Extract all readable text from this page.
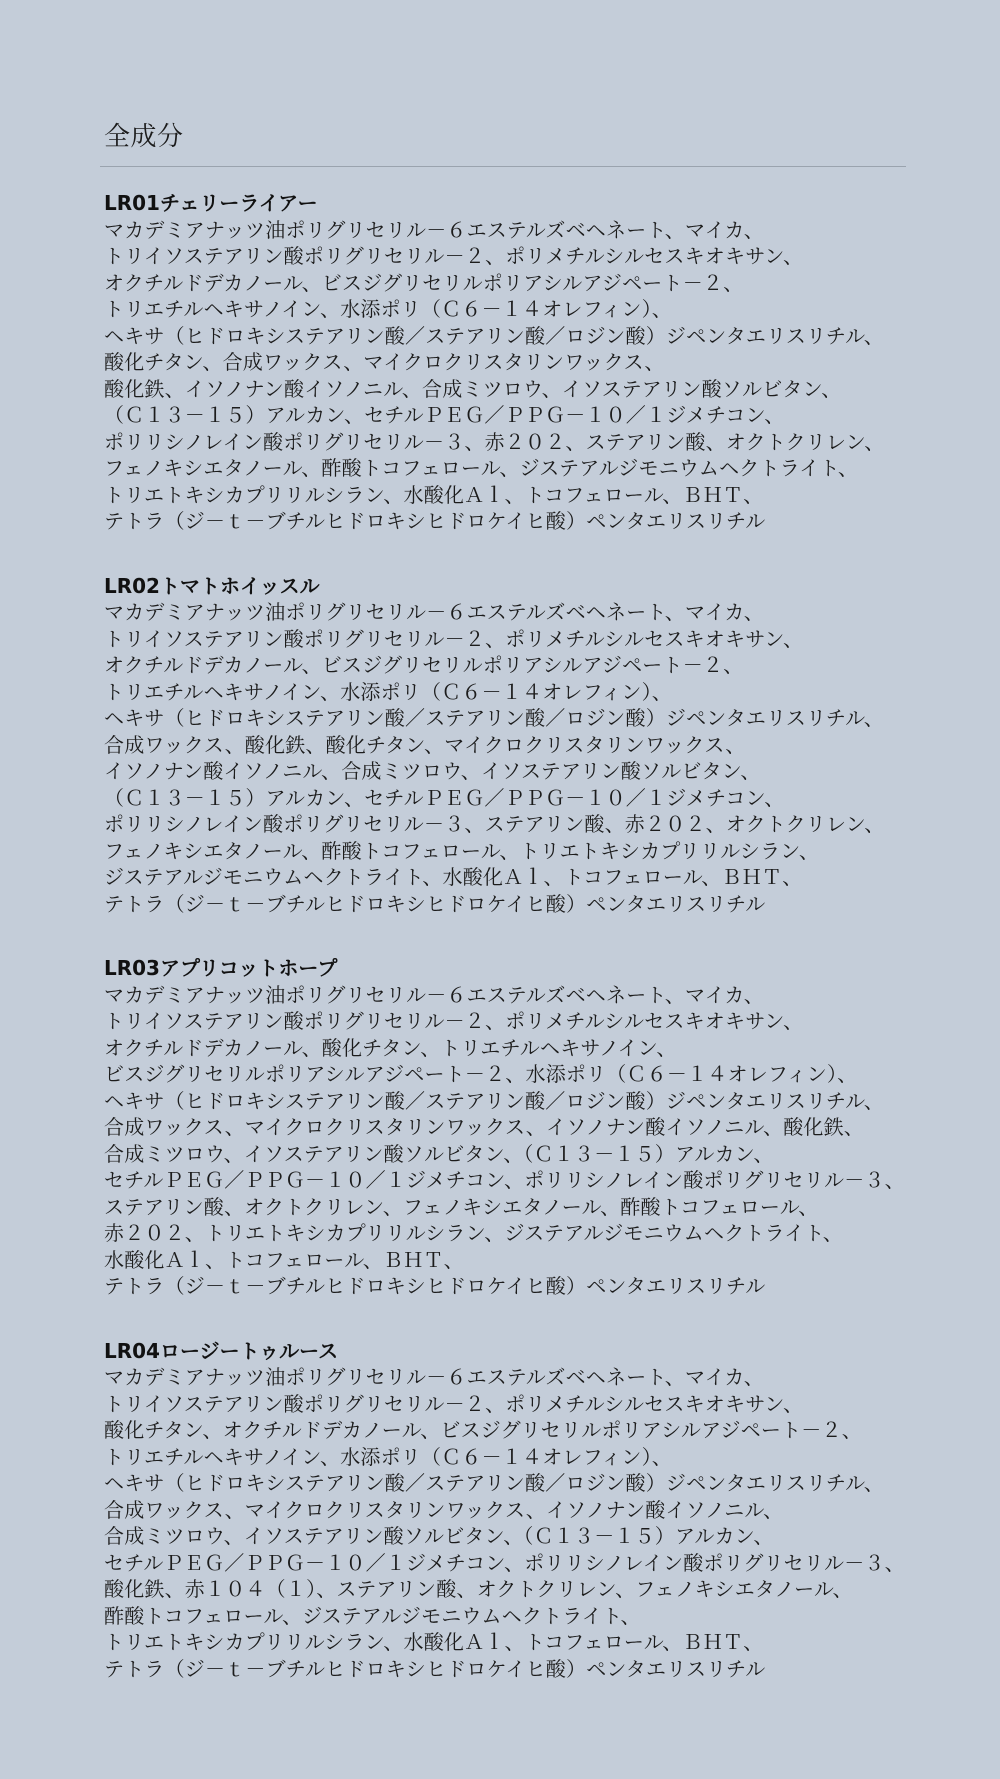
全成分

LR01チェリーライアー

マカデミアナッツ油ポリグリセリル－６エステルズベヘネート、マイカ、

トリイソステアリン酸ポリグリセリル－２、ポリメチルシルセスキオキサン、

オクチルドデカノール、ビスジグリセリルポリアシルアジペート－２、

トリエチルヘキサノイン、水添ポリ（Ｃ６－１４オレフィン）、

ヘキサ（ヒドロキシステアリン酸／ステアリン酸／ロジン酸）ジペンタエリスリチル、

酸化チタン、合成ワックス、マイクロクリスタリンワックス、

酸化鉄、イソノナン酸イソノニル、合成ミツロウ、イソステアリン酸ソルビタン、

（Ｃ１３－１５）アルカン、セチルＰＥＧ／ＰＰＧ－１０／１ジメチコン、

ポリリシノレイン酸ポリグリセリル－３、赤２０２、ステアリン酸、オクトクリレン、

フェノキシエタノール、酢酸トコフェロール、ジステアルジモニウムヘクトライト、

トリエトキシカプリリルシラン、水酸化Ａｌ、トコフェロール、ＢＨＴ、

テトラ（ジ－ｔ－ブチルヒドロキシヒドロケイヒ酸）ペンタエリスリチル

LR02トマトホイッスル

マカデミアナッツ油ポリグリセリル－６エステルズベヘネート、マイカ、

トリイソステアリン酸ポリグリセリル－２、ポリメチルシルセスキオキサン、

オクチルドデカノール、ビスジグリセリルポリアシルアジペート－２、

トリエチルヘキサノイン、水添ポリ（Ｃ６－１４オレフィン）、

ヘキサ（ヒドロキシステアリン酸／ステアリン酸／ロジン酸）ジペンタエリスリチル、

合成ワックス、酸化鉄、酸化チタン、マイクロクリスタリンワックス、

イソノナン酸イソノニル、合成ミツロウ、イソステアリン酸ソルビタン、

（Ｃ１３－１５）アルカン、セチルＰＥＧ／ＰＰＧ－１０／１ジメチコン、

ポリリシノレイン酸ポリグリセリル－３、ステアリン酸、赤２０２、オクトクリレン、

フェノキシエタノール、酢酸トコフェロール、トリエトキシカプリリルシラン、

ジステアルジモニウムヘクトライト、水酸化Ａｌ、トコフェロール、ＢＨＴ、

テトラ（ジ－ｔ－ブチルヒドロキシヒドロケイヒ酸）ペンタエリスリチル

LR03アプリコットホープ

マカデミアナッツ油ポリグリセリル－６エステルズベヘネート、マイカ、

トリイソステアリン酸ポリグリセリル－２、ポリメチルシルセスキオキサン、

オクチルドデカノール、酸化チタン、トリエチルヘキサノイン、

ビスジグリセリルポリアシルアジペート－２、水添ポリ（Ｃ６－１４オレフィン）、

ヘキサ（ヒドロキシステアリン酸／ステアリン酸／ロジン酸）ジペンタエリスリチル、

合成ワックス、マイクロクリスタリンワックス、イソノナン酸イソノニル、酸化鉄、

合成ミツロウ、イソステアリン酸ソルビタン、（Ｃ１３－１５）アルカン、

セチルＰＥＧ／ＰＰＧ－１０／１ジメチコン、ポリリシノレイン酸ポリグリセリル－３、

ステアリン酸、オクトクリレン、フェノキシエタノール、酢酸トコフェロール、

赤２０２、トリエトキシカプリリルシラン、ジステアルジモニウムヘクトライト、

水酸化Ａｌ、トコフェロール、ＢＨＴ、

テトラ（ジ－ｔ－ブチルヒドロキシヒドロケイヒ酸）ペンタエリスリチル

LR04ロージートゥルース

マカデミアナッツ油ポリグリセリル－６エステルズベヘネート、マイカ、

トリイソステアリン酸ポリグリセリル－２、ポリメチルシルセスキオキサン、

酸化チタン、オクチルドデカノール、ビスジグリセリルポリアシルアジペート－２、

トリエチルヘキサノイン、水添ポリ（Ｃ６－１４オレフィン）、

ヘキサ（ヒドロキシステアリン酸／ステアリン酸／ロジン酸）ジペンタエリスリチル、

合成ワックス、マイクロクリスタリンワックス、イソノナン酸イソノニル、

合成ミツロウ、イソステアリン酸ソルビタン、（Ｃ１３－１５）アルカン、

セチルＰＥＧ／ＰＰＧ－１０／１ジメチコン、ポリリシノレイン酸ポリグリセリル－３、

酸化鉄、赤１０４（１）、ステアリン酸、オクトクリレン、フェノキシエタノール、

酢酸トコフェロール、ジステアルジモニウムヘクトライト、

トリエトキシカプリリルシラン、水酸化Ａｌ、トコフェロール、ＢＨＴ、

テトラ（ジ－ｔ－ブチルヒドロキシヒドロケイヒ酸）ペンタエリスリチル
